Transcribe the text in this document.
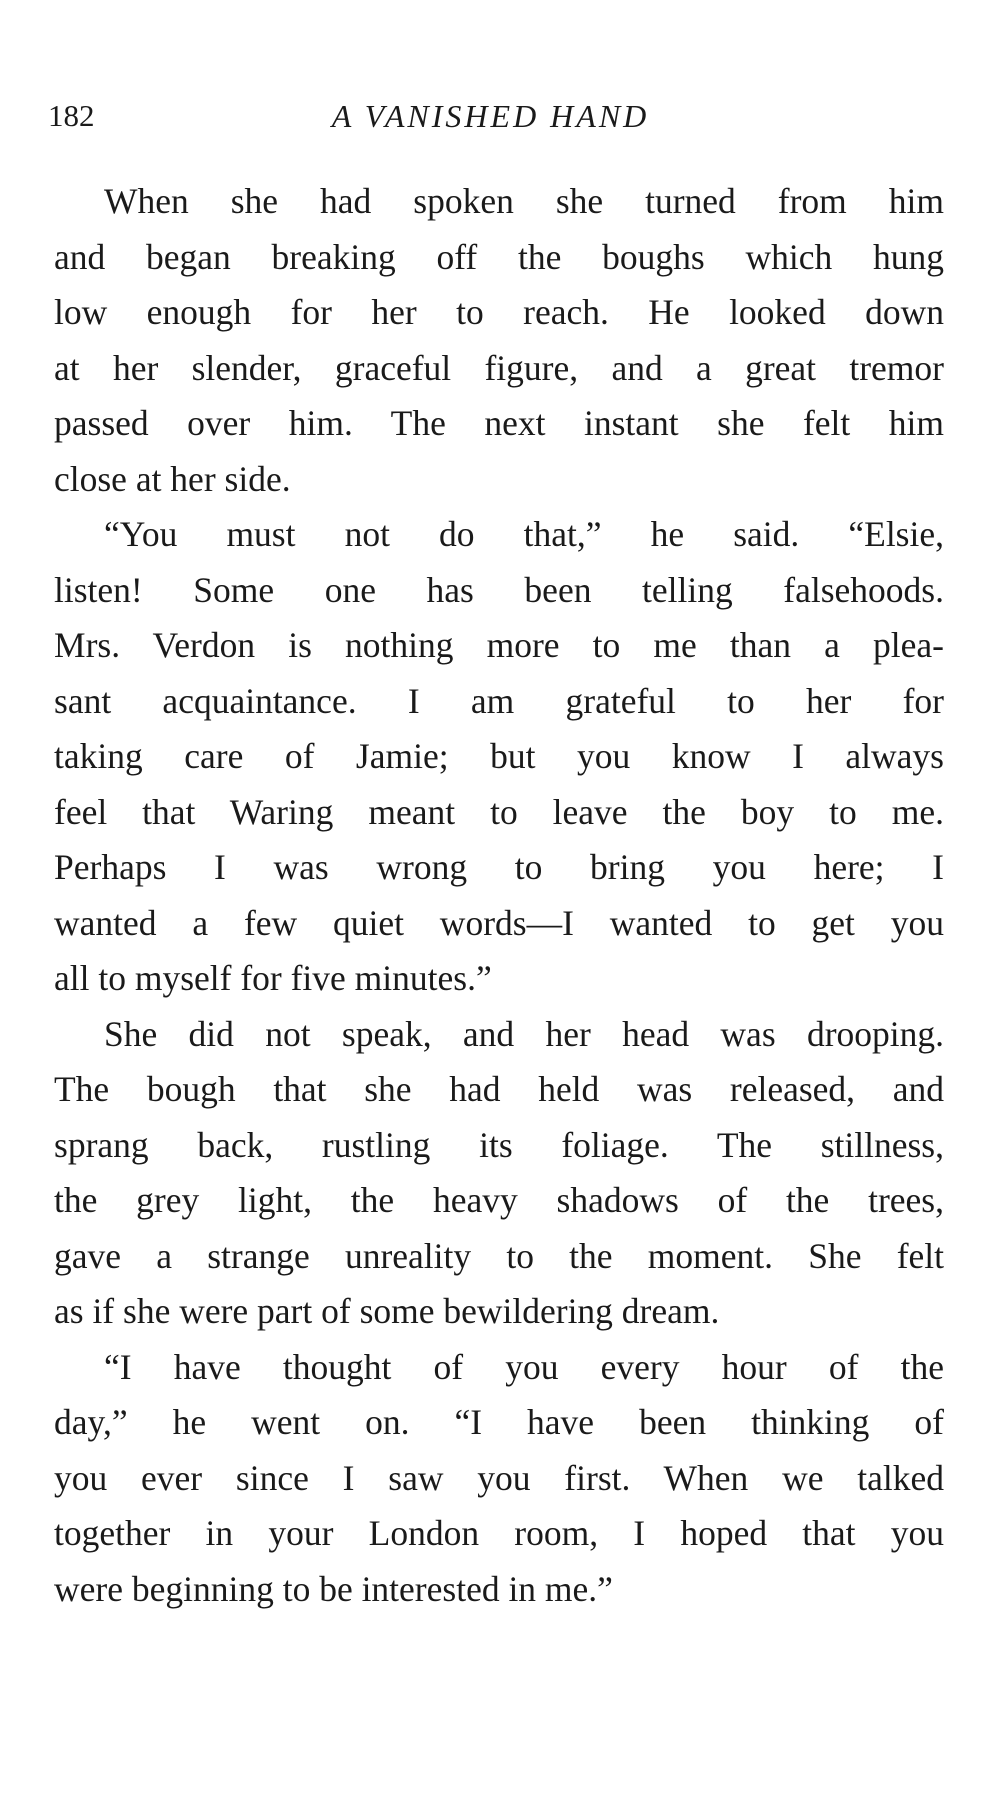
182	A VANISHED HAND
When she had spoken she turned from him
and began breaking off the boughs which hung
low enough for her to reach. He looked down
at her slender, graceful figure, and a great tremor
passed over him. The next instant she felt him
close at her side.
“You must not do that,” he said. “Elsie,
listen! Some one has been telling falsehoods.
Mrs. Verdon is nothing more to me than a plea-
sant acquaintance. I am grateful to her for
taking care of Jamie; but you know I always
feel that Waring meant to leave the boy to me.
Perhaps I was wrong to bring you here; I
wanted a few quiet words—I wanted to get you
all to myself for five minutes.”
She did not speak, and her head was drooping.
The bough that she had held was released, and
sprang back, rustling its foliage. The stillness,
the grey light, the heavy shadows of the trees,
gave a strange unreality to the moment. She felt
as if she were part of some bewildering dream.
“I have thought of you every hour of the
day,” he went on. “I have been thinking of
you ever since I saw you first. When we talked
together in your London room, I hoped that you
were beginning to be interested in me.”
